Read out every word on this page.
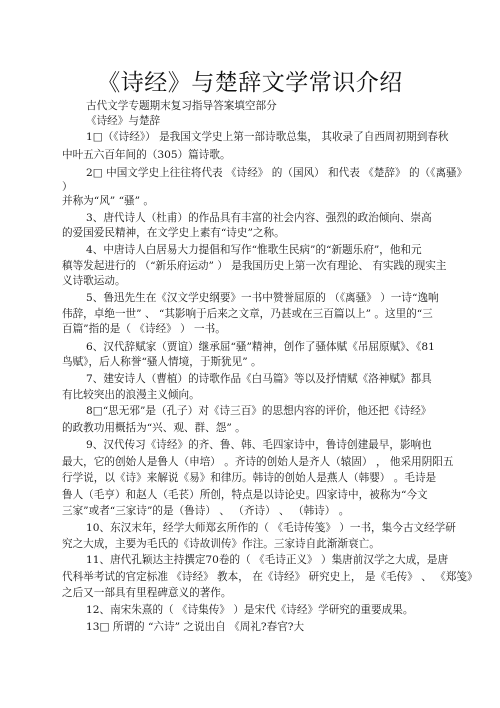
《诗经》与楚辞文学常识介绍
古代文学专题期末复习指导答案填空部分
《诗经》与楚辞
1□（《诗经》） 是我国文学史上第一部诗歌总集， 其收录了自西周初期到春秋
中叶五六百年间的（305）篇诗歌。
2□ 中国文学史上往往将代表 《诗经》 的（国风） 和代表 《楚辞》 的（《离骚》
）
并称为“风” “骚” 。
3、唐代诗人（杜甫）的作品具有丰富的社会内容、强烈的政治倾向、崇高
的爱国爱民精神，在文学史上素有“诗史”之称。
4、中唐诗人白居易大力提倡和写作“惟歌生民病”的“新题乐府”，他和元
稹等发起进行的 （“新乐府运动” ） 是我国历史上第一次有理论、 有实践的现实主
义诗歌运动。
5、鲁迅先生在《汉文学史纲要》一书中赞誉屈原的 （《离骚》 ）一诗“逸响
伟辞，卓绝一世” 、 “其影响于后来之文章，乃甚或在三百篇以上” 。这里的“三
百篇”指的是（ 《诗经》 ） 一书。
6、汉代辞赋家（贾谊）继承屈“骚”精神，创作了骚体赋《吊屈原赋》、《81
鸟赋》，后人称誉“骚人情境，于斯犹见” 。
7、建安诗人（曹植）的诗歌作品《白马篇》等以及抒情赋《洛神赋》都具
有比较突出的浪漫主义倾向。
8□“思无邪”是（孔子）对《诗三百》的思想内容的评价，他还把《诗经》
的政教功用概括为“兴、观、群、怨” 。
9、汉代传习《诗经》的齐、鲁、韩、毛四家诗中，鲁诗创建最早，影响也
最大，它的创始人是鲁人（申培） 。齐诗的创始人是齐人（辕固） ， 他采用阴阳五
行学说，以《诗》来解说《易》和律历。韩诗的创始人是燕人（韩婴） 。毛诗是
鲁人（毛亨）和赵人（毛苌）所创，特点是以诗论史。四家诗中，被称为“今文
三家”或者“三家诗”的是（鲁诗） 、 （齐诗） 、 （韩诗） 。
10、东汉末年，经学大师郑玄所作的（ 《毛诗传笺》 ）一书，集今古文经学研
究之大成，主要为毛氏的《诗故训传》作注。三家诗自此渐渐衰亡。
11、唐代孔颖达主持撰定70卷的（ 《毛诗正义》 ）集唐前汉学之大成，是唐
代科举考试的官定标准 《诗经》 教本， 在《诗经》 研究史上， 是《毛传》 、 《郑笺》
之后又一部具有里程碑意义的著作。
12、南宋朱熹的（ 《诗集传》 ）是宋代《诗经》学研究的重要成果。
13□ 所谓的 “六诗” 之说出自 《周礼?春官?大
